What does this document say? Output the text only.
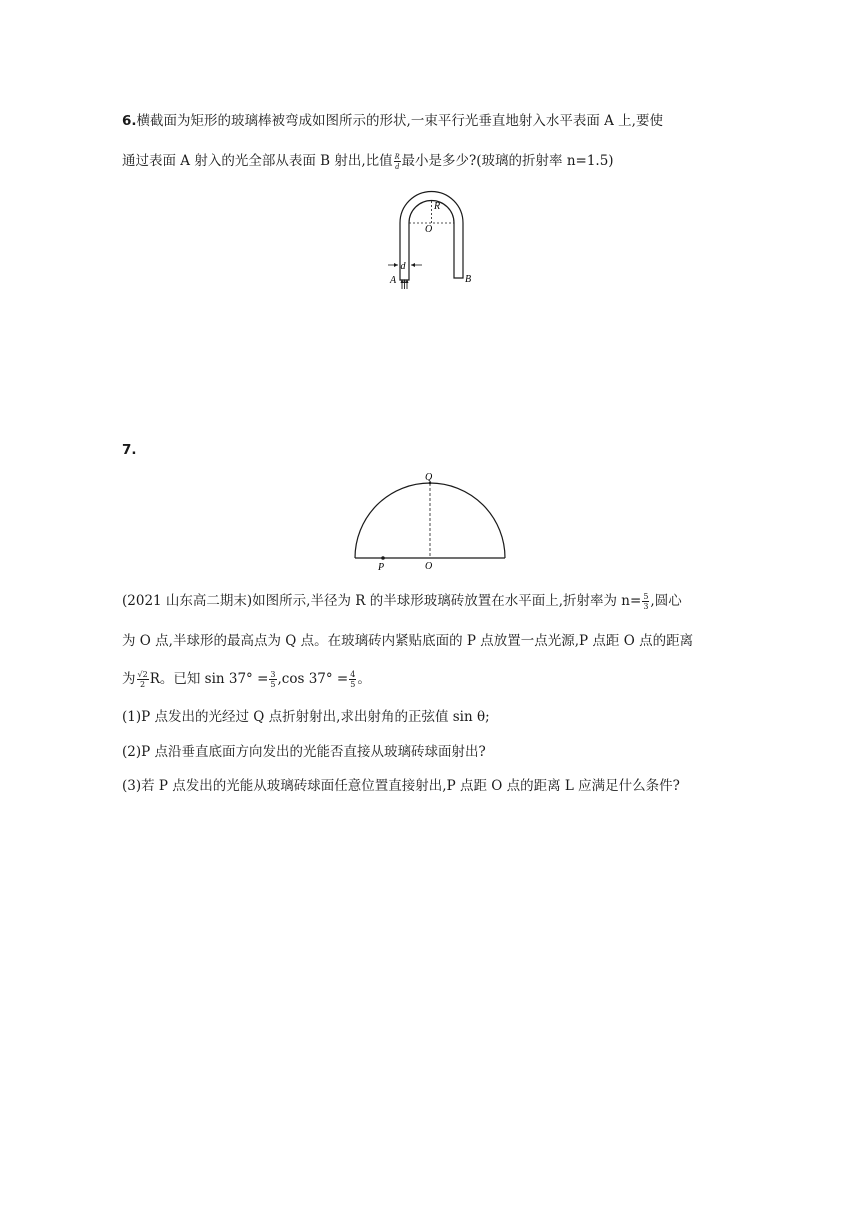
6.横截面为矩形的玻璃棒被弯成如图所示的形状,一束平行光垂直地射入水平表面 A 上,要使
通过表面 A 射入的光全部从表面 B 射出,比值 $\frac{R}{d}$ 最小是多少?(玻璃的折射率 n=1.5)
R
O
d
A	B
7.
Q
O
P
(2021 山东高二期末)如图所示,半径为 R 的半球形玻璃砖放置在水平面上,折射率为 $n= \frac{5}{3}$ ,圆心
为 O 点,半球形的最高点为 Q 点。在玻璃砖内紧贴底面的 P 点放置一点光源,P 点距 O 点的距离
为 $\frac{√2}{2}$ R。已知 $\sin 37^\circ = \frac{3}{5} ,\cos$ $37^\circ = \frac{4}{5}$ 。
(1)P 点发出的光经过 Q 点折射射出,求出射角的正弦值 sin θ;
(2)P 点沿垂直底面方向发出的光能否直接从玻璃砖球面射出?
(3)若 P 点发出的光能从玻璃砖球面任意位置直接射出,P 点距 O 点的距离 L 应满足什么条件?
